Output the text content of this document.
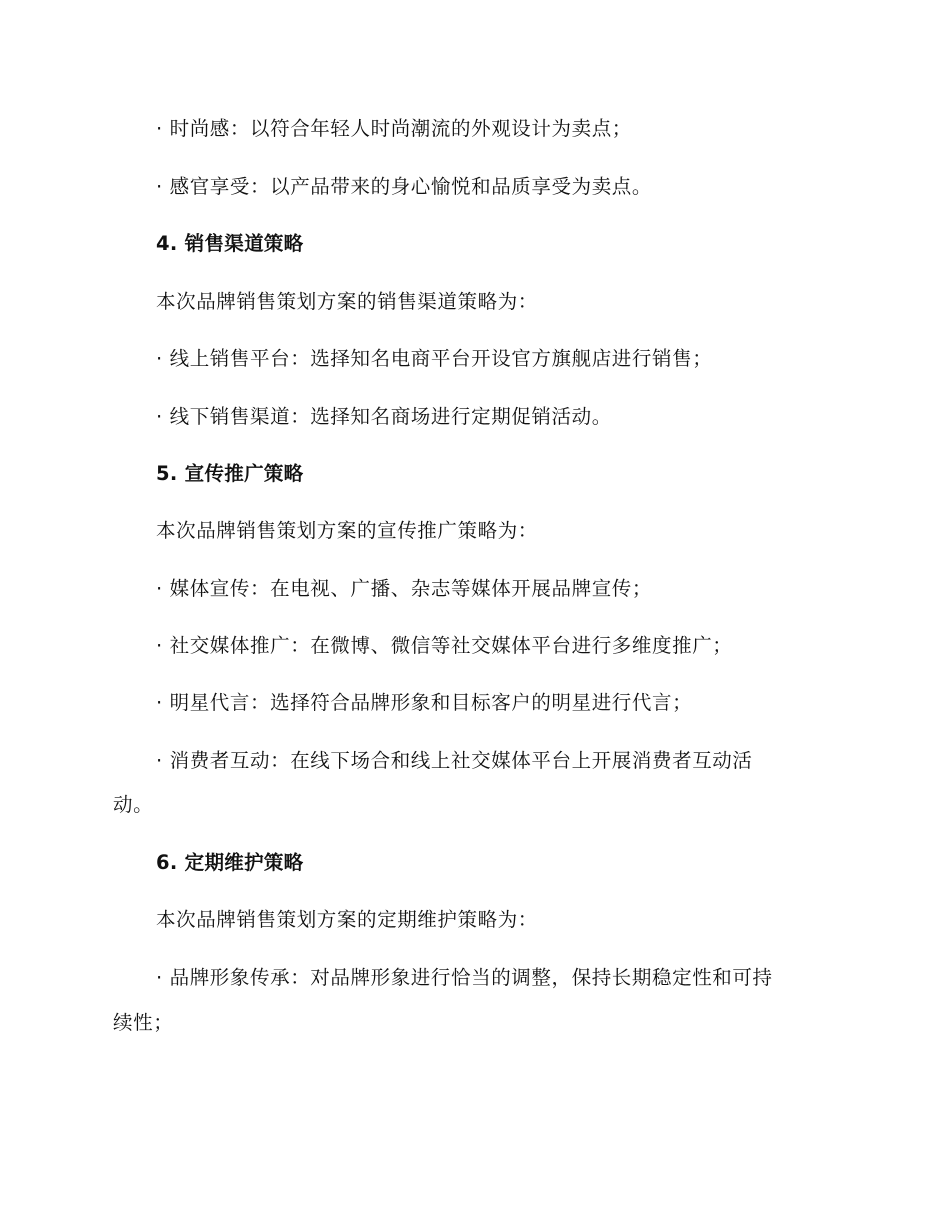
· 时尚感：以符合年轻人时尚潮流的外观设计为卖点；
· 感官享受：以产品带来的身心愉悦和品质享受为卖点。
4. 销售渠道策略
本次品牌销售策划方案的销售渠道策略为：
· 线上销售平台：选择知名电商平台开设官方旗舰店进行销售；
· 线下销售渠道：选择知名商场进行定期促销活动。
5. 宣传推广策略
本次品牌销售策划方案的宣传推广策略为：
· 媒体宣传：在电视、广播、杂志等媒体开展品牌宣传；
· 社交媒体推广：在微博、微信等社交媒体平台进行多维度推广；
· 明星代言：选择符合品牌形象和目标客户的明星进行代言；
· 消费者互动：在线下场合和线上社交媒体平台上开展消费者互动活
动。
6. 定期维护策略
本次品牌销售策划方案的定期维护策略为：
· 品牌形象传承：对品牌形象进行恰当的调整，保持长期稳定性和可持
续性；
